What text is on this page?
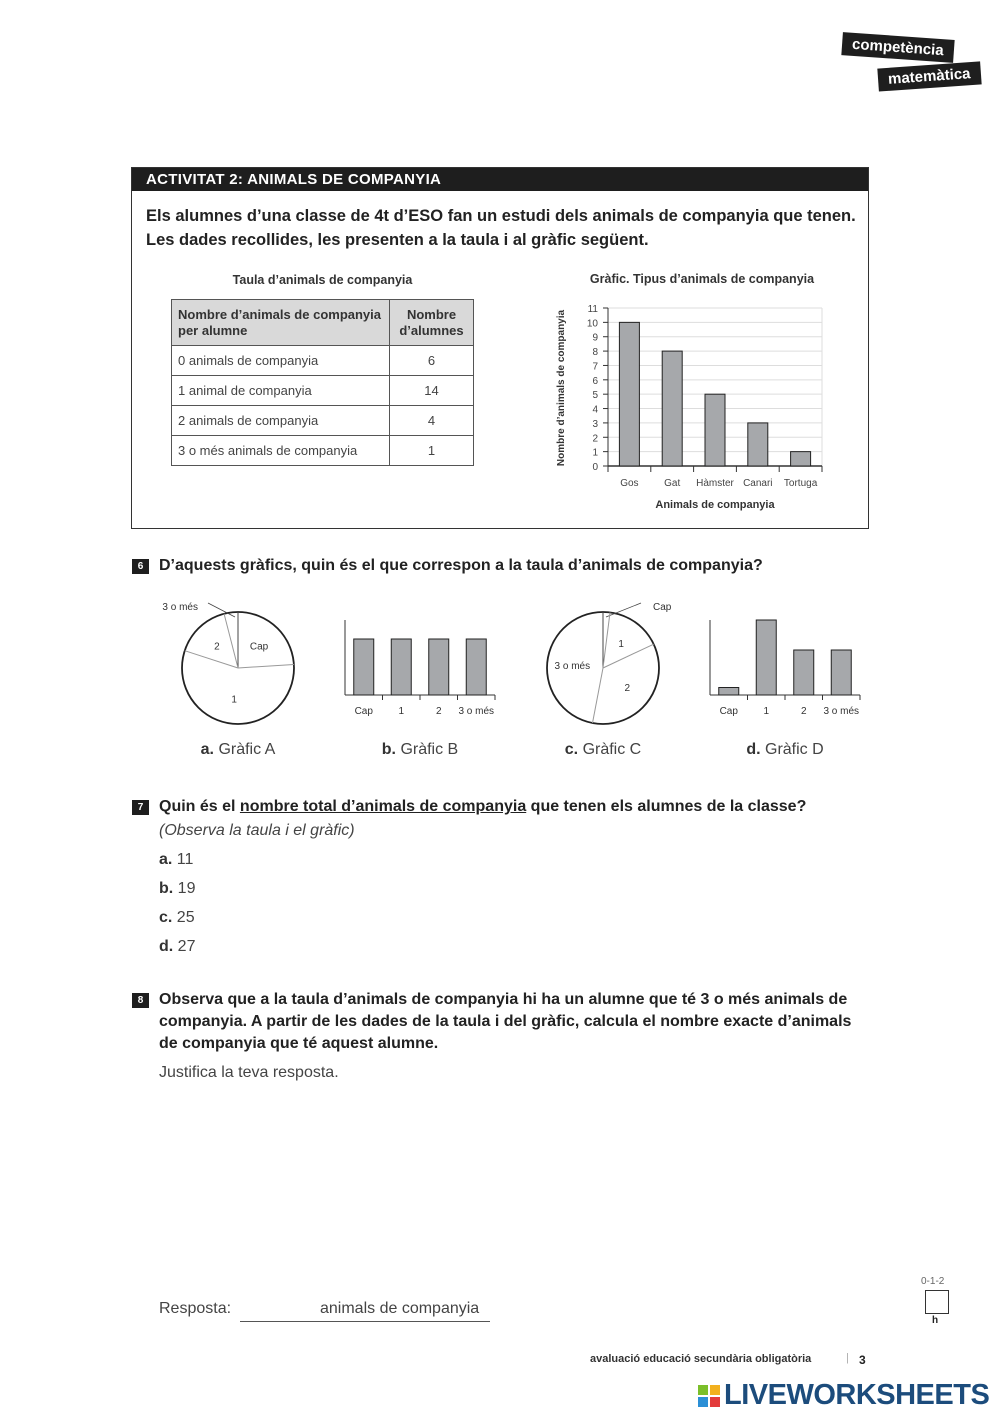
competència
matemàtica
ACTIVITAT 2: ANIMALS DE COMPANYIA
Els alumnes d’una classe de 4t d’ESO fan un estudi dels animals de companyia que tenen. Les dades recollides, les presenten a la taula i al gràfic següent.
Taula d’animals de companyia
Nombre d’animals de companyia per alumne	Nombre d’alumnes
0 animals de companyia	6
1 animal de companyia	14
2 animals de companyia	4
3 o més animals de companyia	1
Gràfic. Tipus d’animals de companyia
0
1
2
3
4
5
6
7
8
9
10
11
Gos	Gat Hàmster Canari Tortuga
Animals de companyia
Nombre d’animals de companyia
6 D’aquests gràfics, quin és el que correspon a la taula d’animals de companyia?
Cap
1
2
3 o més
Cap	1	2 3 o més
Cap
1
2
3 o més
Cap	1	2 3 o més
a. Gràfic A	b. Gràfic B	c. Gràfic C	d. Gràfic D
7 Quin és el nombre total d’animals de companyia que tenen els alumnes de la classe?
(Observa la taula i el gràfic)
a. 11
b. 19
c. 25
d. 27
8 Observa que a la taula d’animals de companyia hi ha un alumne que té 3 o més animals de companyia. A partir de les dades de la taula i del gràfic, calcula el nombre exacte d’animals de companyia que té aquest alumne.
Justifica la teva resposta.
Resposta:	animals de companyia
0-1-2
h
avaluació educació secundària obligatòria	| 3
LIVEWORKSHEETS
